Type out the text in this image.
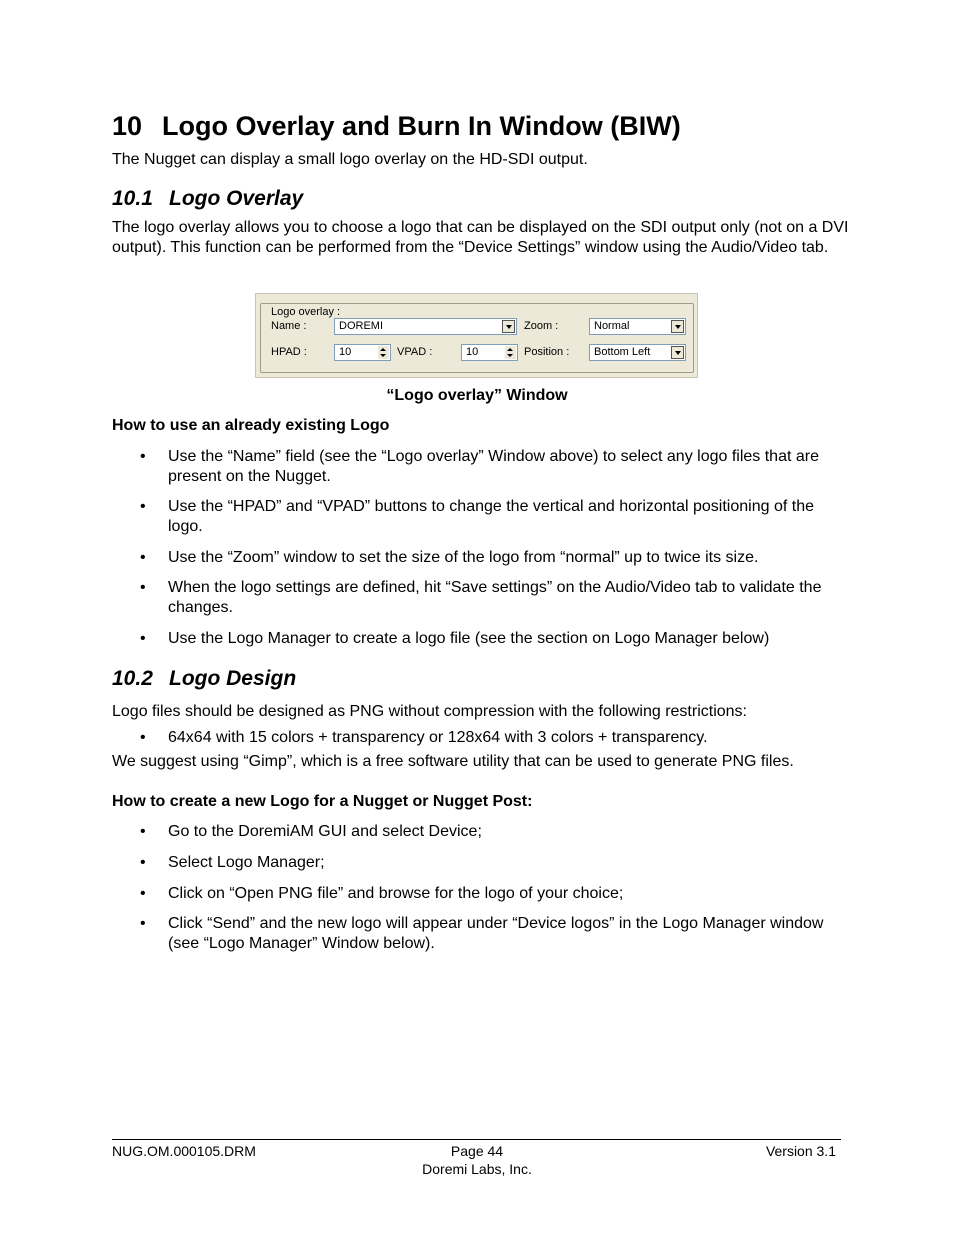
10 Logo Overlay and Burn In Window (BIW)
The Nugget can display a small logo overlay on the HD-SDI output.
10.1 Logo Overlay
The logo overlay allows you to choose a logo that can be displayed on the SDI output only (not on a DVI output). This function can be performed from the “Device Settings” window using the Audio/Video tab.
Logo overlay :
Name :	DOREMI	Zoom :	Normal
HPAD :	10	VPAD :	10	Position :	Bottom Left
“Logo overlay” Window
How to use an already existing Logo
• Use the “Name” field (see the “Logo overlay” Window above) to select any logo files that are present on the Nugget.
• Use the “HPAD” and “VPAD” buttons to change the vertical and horizontal positioning of the logo.
• Use the “Zoom” window to set the size of the logo from “normal” up to twice its size.
• When the logo settings are defined, hit “Save settings” on the Audio/Video tab to validate the changes.
• Use the Logo Manager to create a logo file (see the section on Logo Manager below)
10.2 Logo Design
Logo files should be designed as PNG without compression with the following restrictions:
• 64x64 with 15 colors + transparency or 128x64 with 3 colors + transparency.
We suggest using “Gimp”, which is a free software utility that can be used to generate PNG files.
How to create a new Logo for a Nugget or Nugget Post:
• Go to the DoremiAM GUI and select Device;
• Select Logo Manager;
• Click on “Open PNG file” and browse for the logo of your choice;
• Click “Send” and the new logo will appear under “Device logos” in the Logo Manager window (see “Logo Manager” Window below).
NUG.OM.000105.DRM	Page 44
Doremi Labs, Inc.
Version 3.1
